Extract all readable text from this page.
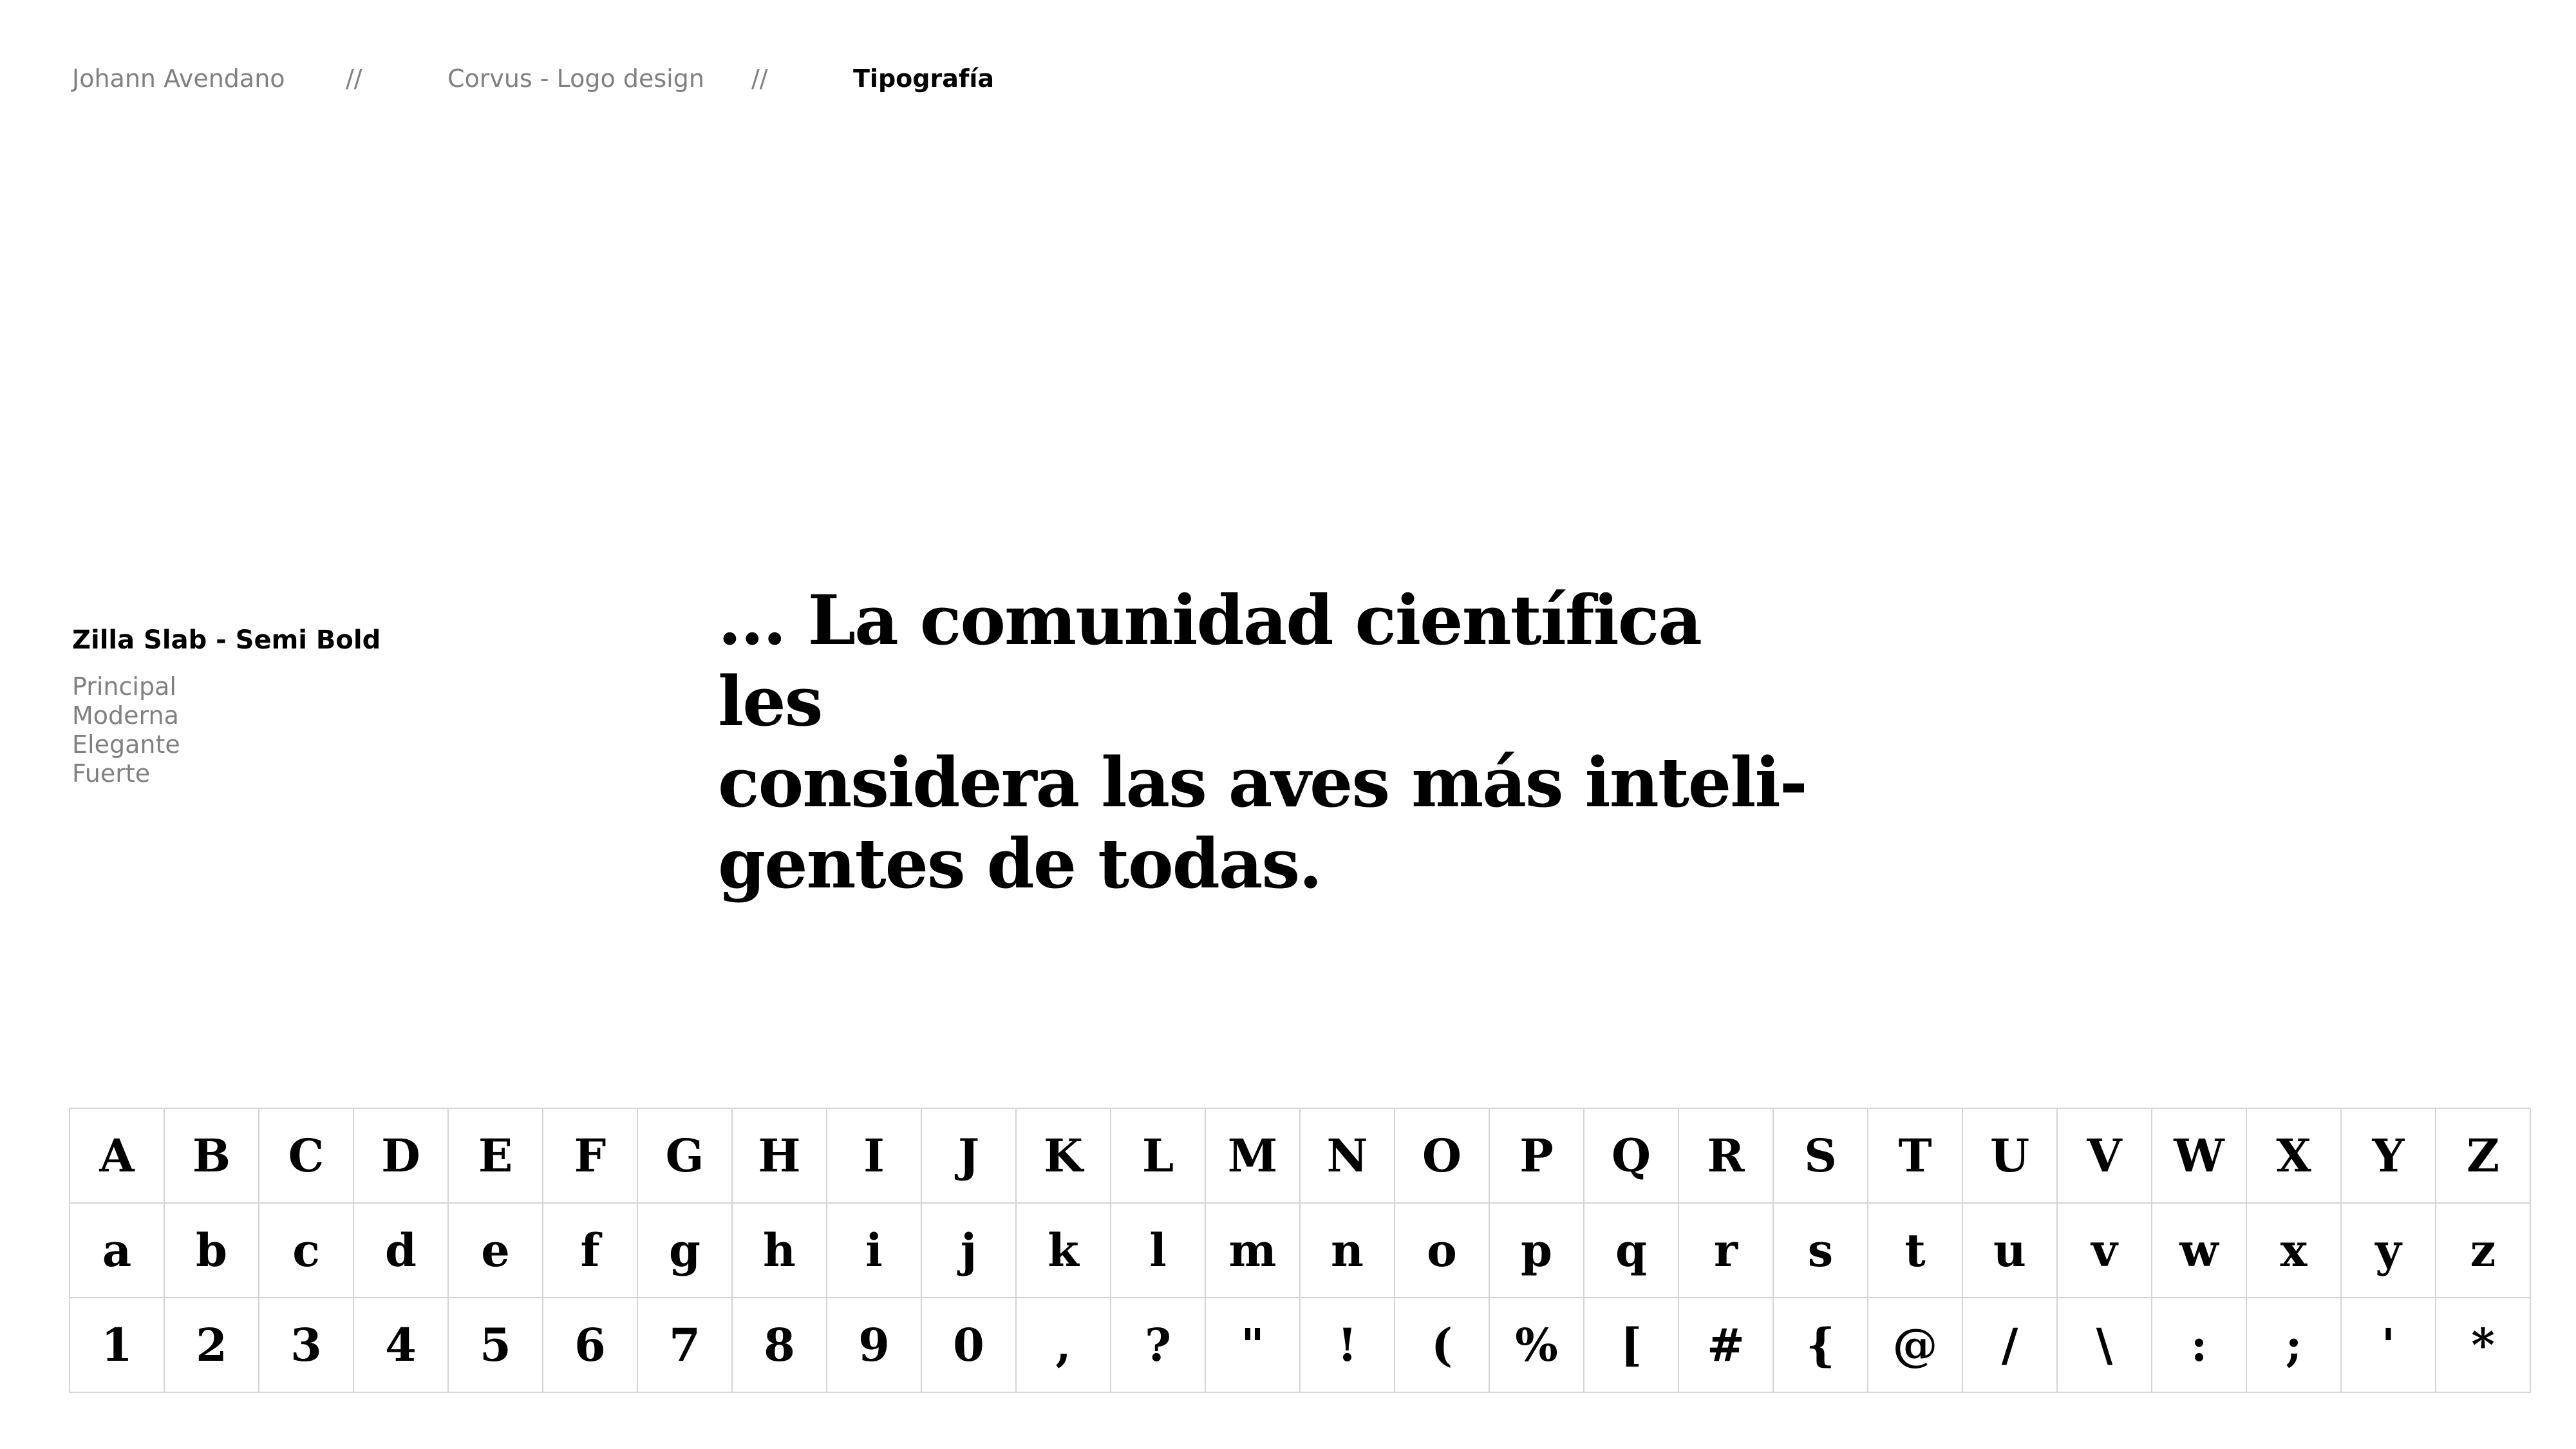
Johann Avendano //	Corvus - Logo design //	Tipografía
Zilla Slab - Semi Bold
Principal
Moderna
Elegante
Fuerte

... La comunidad científica les
considera las aves más inteli-
gentes de todas.

A	B	C	D	E	F	G	H	I	J	K	L	M	N	O	P	Q	R	S	T	U	V	W	X	Y	Z
a	b	c	d	e	f	g	h	i	j	k	l	m	n	o	p	q	r	s	t	u	v	w	x	y	z
1	2	3	4	5	6	7	8	9	0	,	?	"	!	(	%	[	#	{	@	/	\	:	;	'	*
